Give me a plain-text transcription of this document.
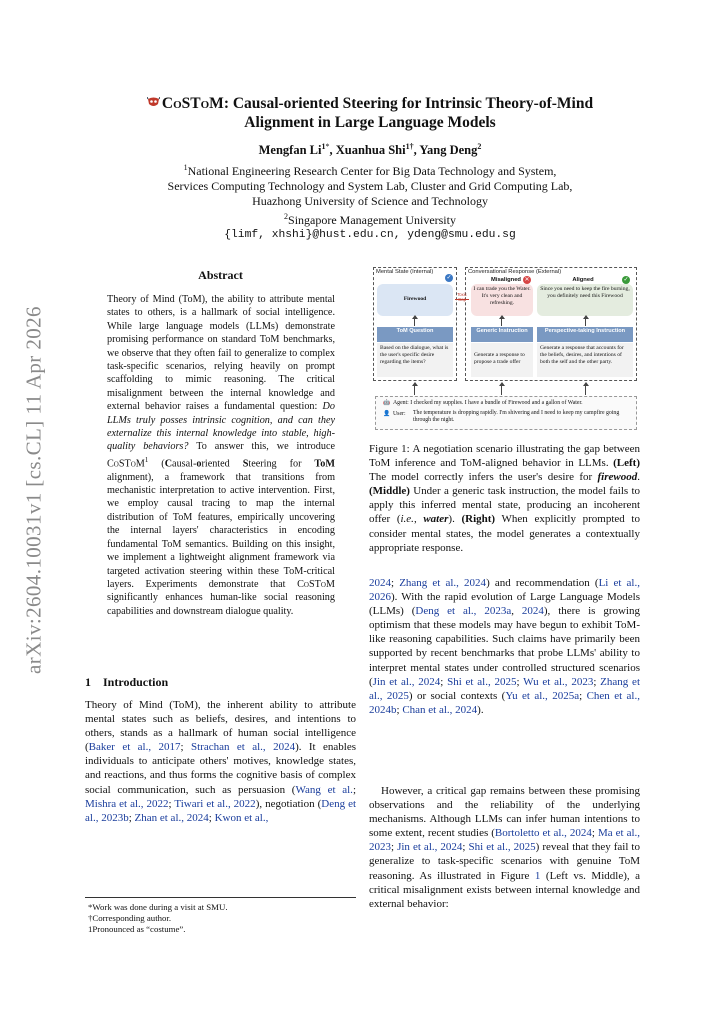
arXiv:2604.10031v1 [cs.CL] 11 Apr 2026
CoSToM: Causal-oriented Steering for Intrinsic Theory-of-Mind
Alignment in Large Language Models
Mengfan $Li^{1*}$, Xuanhua Shi$^{1\dagger}$, Yang Deng$^2$
$^1$National Engineering Research Center for Big Data Technology and System,
Services Computing Technology and System Lab, Cluster and Grid Computing Lab,
Huazhong University of Science and Technology
$^2$Singapore Management University
{limf, xhshi}@hust.edu.cn, ydeng@smu.edu.sg
Abstract
Theory of Mind (ToM), the ability to attribute mental states to others, is a hallmark of social intelligence. While large language models (LLMs) demonstrate promising performance on standard ToM benchmarks, we observe that they often fail to generalize to complex task-specific scenarios, relying heavily on prompt scaffolding to mimic reasoning. The critical misalignment between the internal knowledge and external behavior raises a fundamental question: Do LLMs truly posses intrinsic cognition, and can they externalize this internal knowledge into stable, high-quality behaviors? To answer this, we introduce CoSToM$^1$ (Causal-oriented Steering for ToM alignment), a framework that transitions from mechanistic interpretation to active intervention. First, we employ causal tracing to map the internal distribution of ToM features, empirically uncovering the internal layers' characteristics in encoding fundamental ToM semantics. Building on this insight, we implement a lightweight alignment framework via targeted activation steering within these ToM-critical layers. Experiments demonstrate that CoSToM significantly enhances human-like social reasoning capabilities and downstream dialogue quality.
1 Introduction
Theory of Mind (ToM), the inherent ability to attribute mental states such as beliefs, desires, and intentions to others, stands as a hallmark of human social intelligence (Baker et al., 2017; Strachan et al., 2024). It enables individuals to anticipate others' motives, knowledge states, and reactions, and thus forms the cognitive basis of complex social communication, such as persuasion (Wang et al.; Mishra et al., 2022; Tiwari et al., 2022), negotiation (Deng et al., 2023b; Zhan et al., 2024; Kwon et al.,
*Work was done during a visit at SMU.
†Corresponding author.
1Pronounced as “costume”.
Mental State (Internal)	Conversational Response (External)
✓
Firewood
Misaligned ✕
I can trade you the Water. It's very clean and refreshing.
Aligned	✓
Since you need to keep the fire burning, you definitely need this Firewood
Toxic
ToM Question	Generic Instruction	Perspective-taking Instruction
Based on the dialogue, what is the user's specific desire regarding the items?
Generate a response to propose a trade offer
Generate a response that accounts for the beliefs, desires, and intentions of both the self and the other party.
🤖 Agent: I checked my supplies. I have a bundle of Firewood and a gallon of Water.
👤 User: The temperature is dropping rapidly. I'm shivering and I need to keep my campfire going through the night.
Figure 1: A negotiation scenario illustrating the gap between ToM inference and ToM-aligned behavior in LLMs. (Left) The model correctly infers the user's desire for firewood. (Middle) Under a generic task instruction, the model fails to apply this inferred mental state, producing an incoherent offer (i.e., water). (Right) When explicitly prompted to consider mental states, the model generates a contextually appropriate response.
2024; Zhang et al., 2024) and recommendation (Li et al., 2026). With the rapid evolution of Large Language Models (LLMs) (Deng et al., 2023a, 2024), there is growing optimism that these models may have begun to exhibit ToM-like reasoning capabilities. Such claims have primarily been supported by recent benchmarks that probe LLMs' ability to interpret mental states under controlled structured scenarios (Jin et al., 2024; Shi et al., 2025; Wu et al., 2023; Zhang et al., 2025) or social contexts (Yu et al., 2025a; Chen et al., 2024b; Chan et al., 2024).
However, a critical gap remains between these promising observations and the reliability of the underlying mechanisms. Although LLMs can infer human intentions to some extent, recent studies (Bortoletto et al., 2024; Ma et al., 2023; Jin et al., 2024; Shi et al., 2025) reveal that they fail to generalize to task-specific scenarios with genuine ToM reasoning. As illustrated in Figure 1 (Left vs. Middle), a critical misalignment exists between internal knowledge and external behavior:
